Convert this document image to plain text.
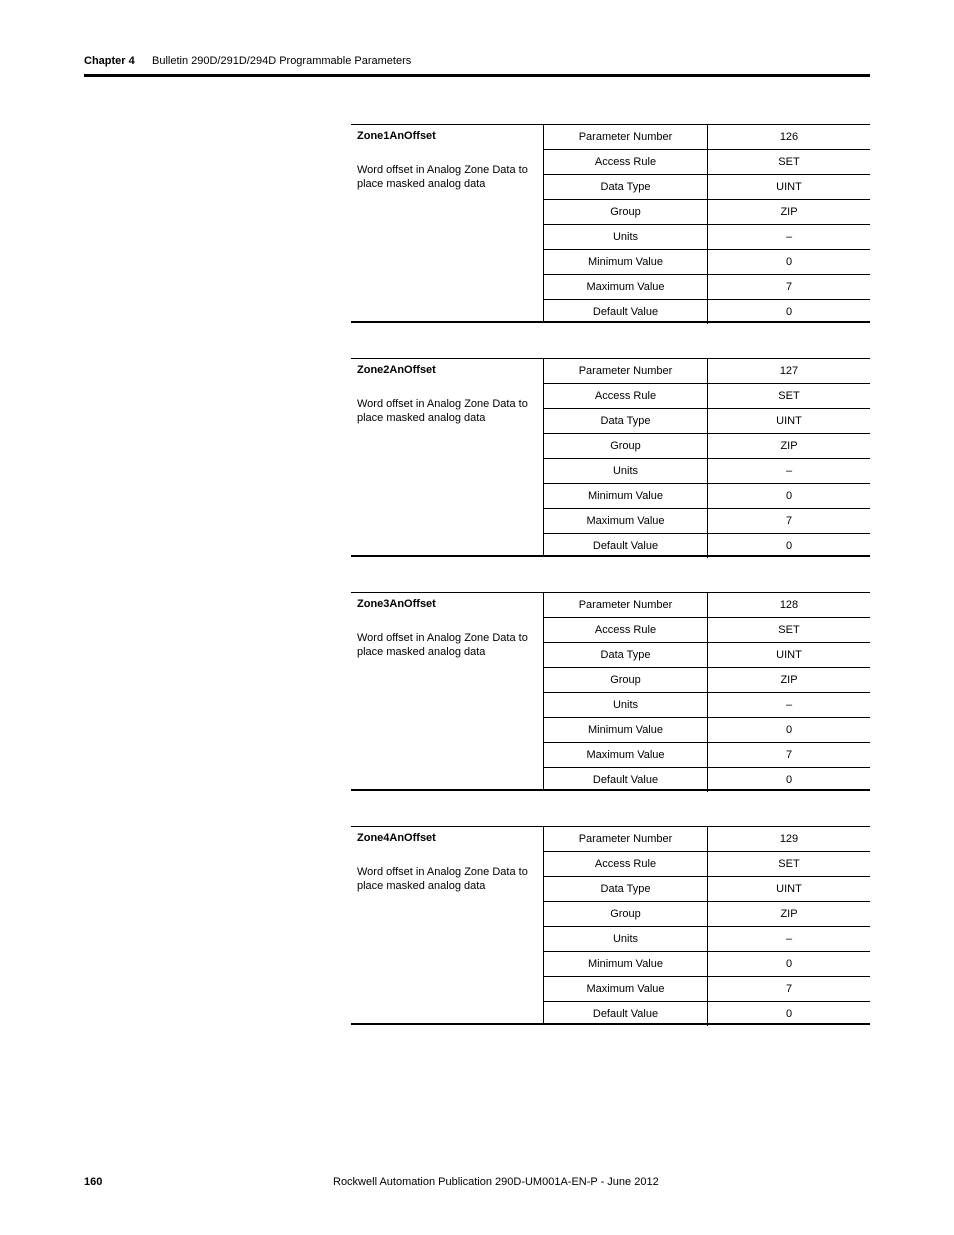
Chapter 4 Bulletin 290D/291D/294D Programmable Parameters
Zone1AnOffset
Word offset in Analog Zone Data to place masked analog data
Parameter Number	126
Access Rule	SET
Data Type	UINT
Group	ZIP
Units	–
Minimum Value	0
Maximum Value	7
Default Value	0
Zone2AnOffset
Word offset in Analog Zone Data to place masked analog data
Parameter Number	127
Access Rule	SET
Data Type	UINT
Group	ZIP
Units	–
Minimum Value	0
Maximum Value	7
Default Value	0
Zone3AnOffset
Word offset in Analog Zone Data to place masked analog data
Parameter Number	128
Access Rule	SET
Data Type	UINT
Group	ZIP
Units	–
Minimum Value	0
Maximum Value	7
Default Value	0
Zone4AnOffset
Word offset in Analog Zone Data to place masked analog data
Parameter Number	129
Access Rule	SET
Data Type	UINT
Group	ZIP
Units	–
Minimum Value	0
Maximum Value	7
Default Value	0
160	Rockwell Automation Publication 290D-UM001A-EN-P - June 2012
